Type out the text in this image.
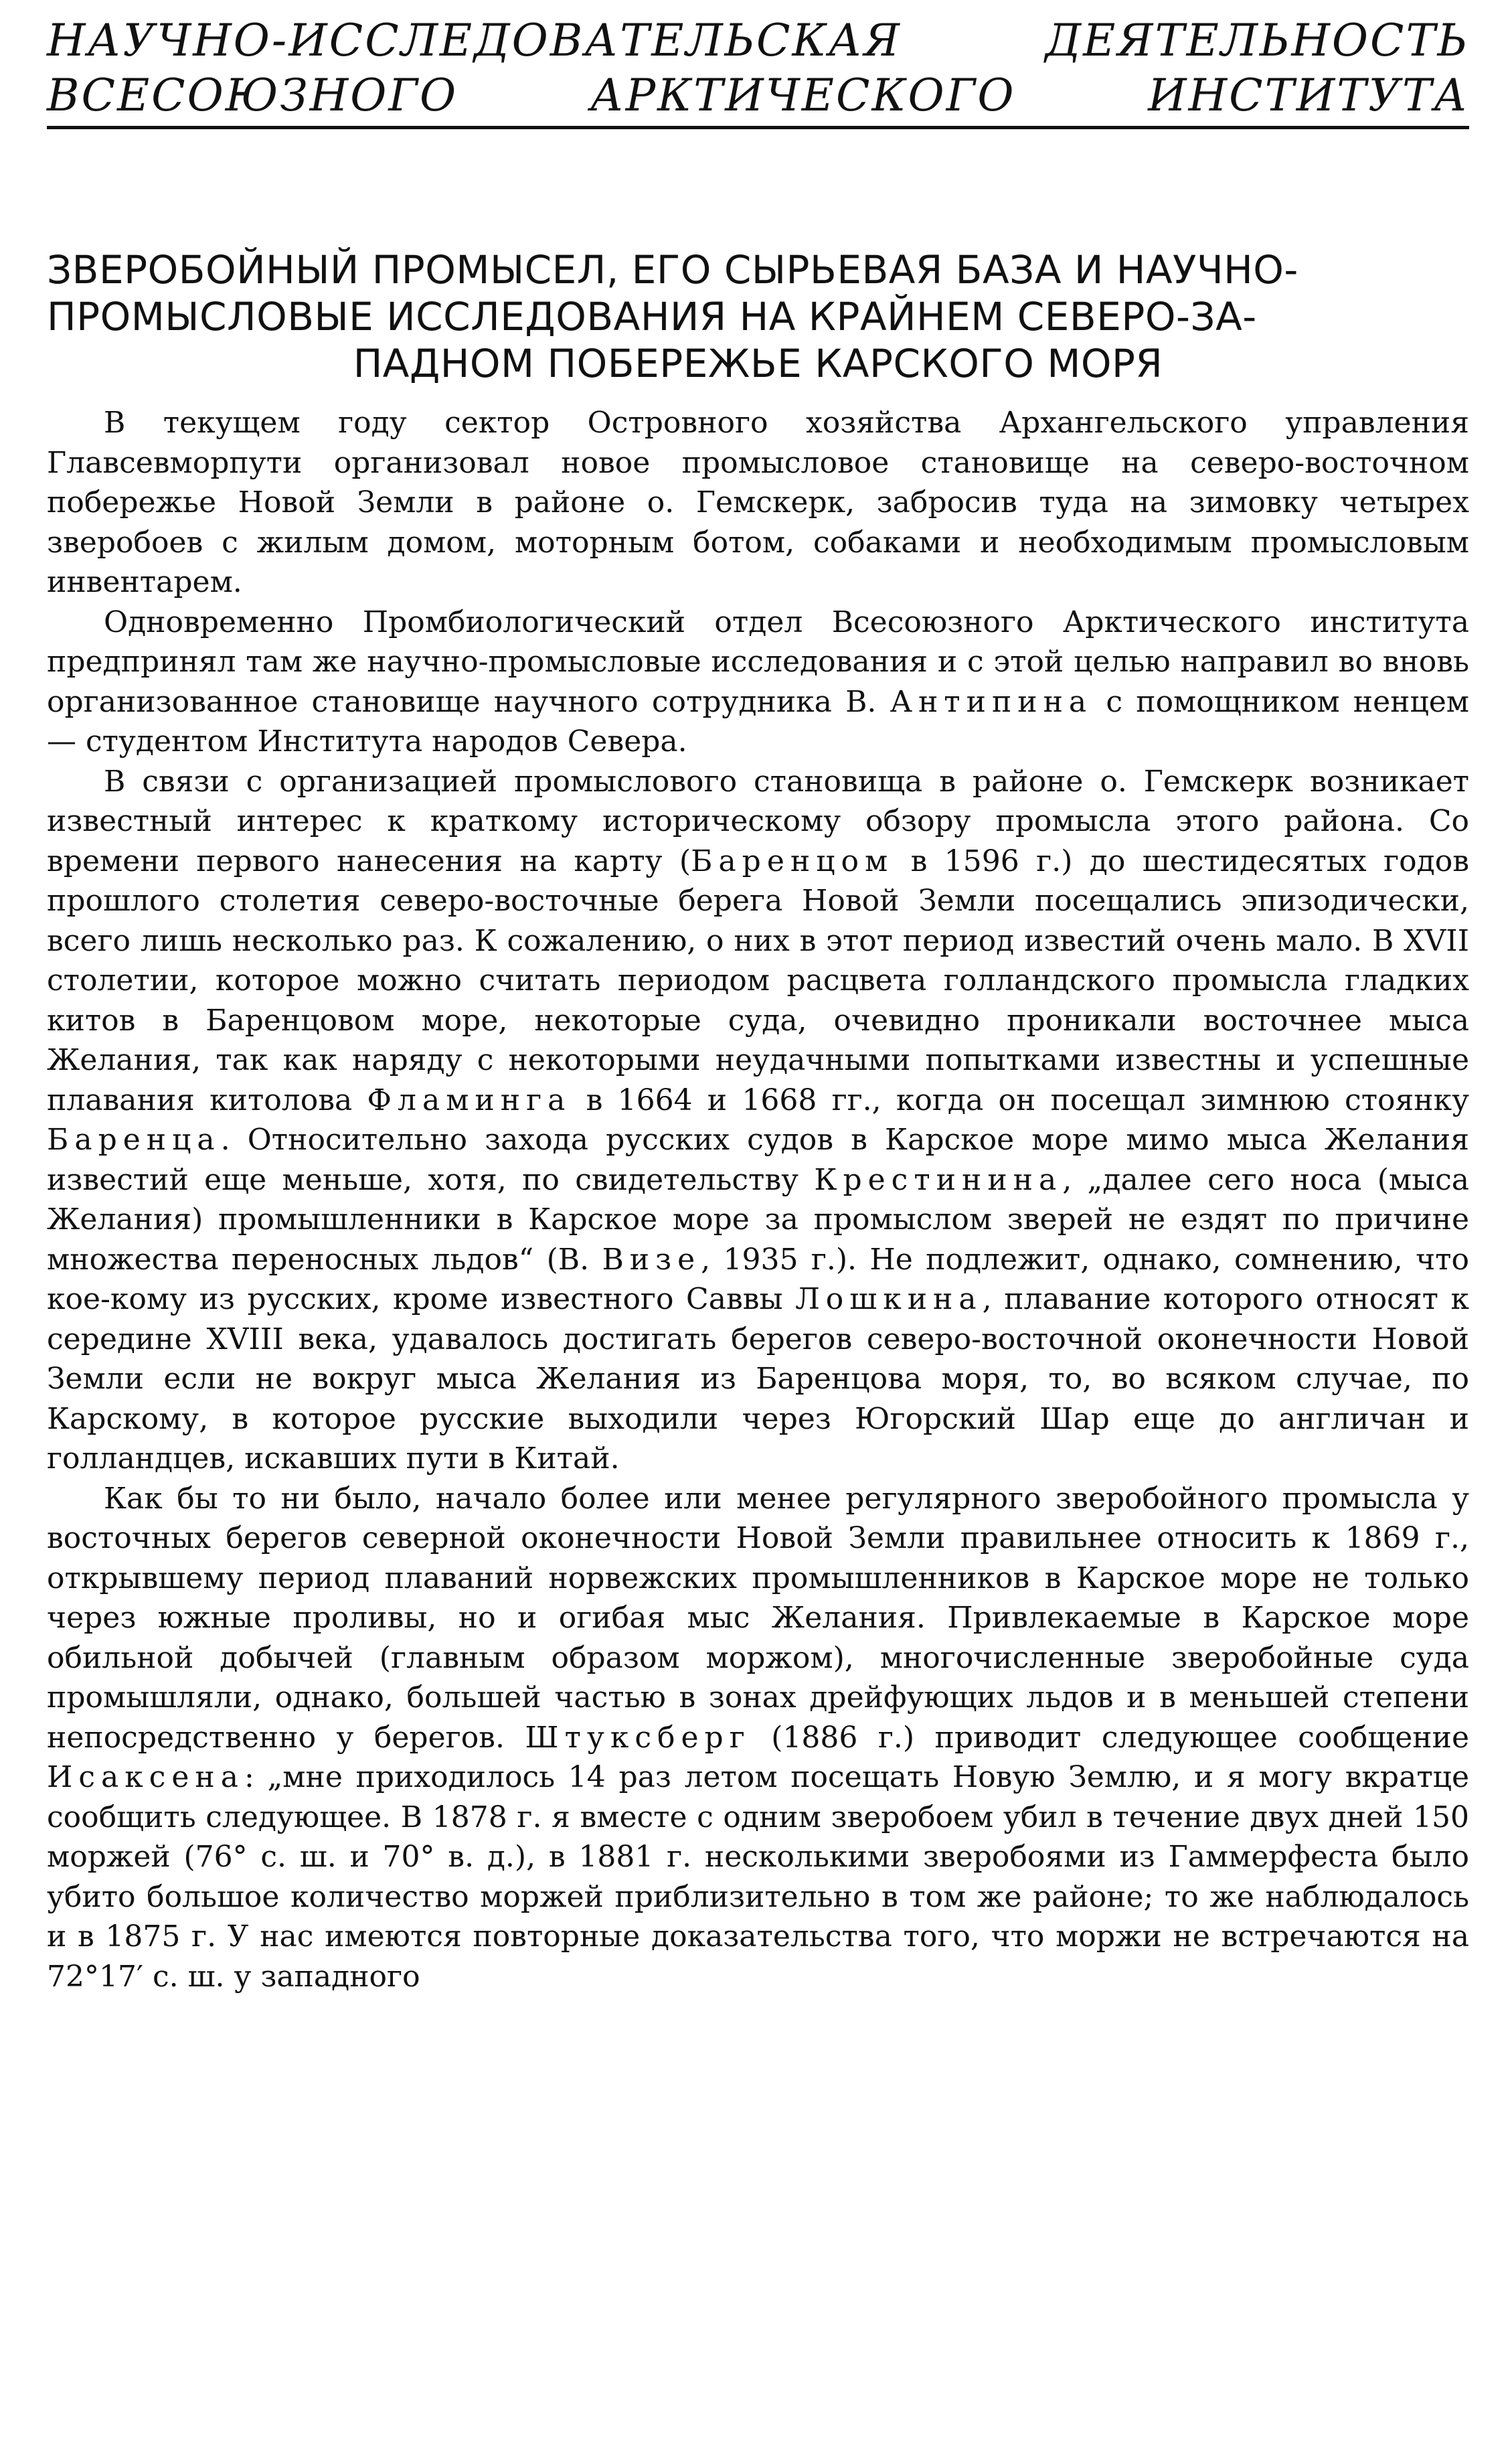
НАУЧНО-ИССЛЕДОВАТЕЛЬСКАЯ	ДЕЯТЕЛЬНОСТЬ
ВСЕСОЮЗНОГО	АРКТИЧЕСКОГО	ИНСТИТУТА
ЗВЕРОБОЙНЫЙ ПРОМЫСЕЛ, ЕГО СЫРЬЕВАЯ БАЗА И НАУЧНО-
ПРОМЫСЛОВЫЕ ИССЛЕДОВАНИЯ НА КРАЙНЕМ СЕВЕРО-ЗА-
ПАДНОМ ПОБЕРЕЖЬЕ КАРСКОГО МОРЯ

В текущем году сектор Островного хозяйства Архангельского управления Главсевморпути организовал новое промысловое становище на северо-восточном побережье Новой Земли в районе о. Гемскерк, забросив туда на зимовку четырех зверобоев с жилым домом, моторным ботом, собаками и необходимым промысловым инвентарем.

Одновременно Промбиологический отдел Всесоюзного Арктического института предпринял там же научно-промысловые исследования и с этой целью направил во вновь организованное становище научного сотрудника В. Антипина с помощником ненцем — студентом Института народов Севера.

В связи с организацией промыслового становища в районе о. Гемскерк возникает известный интерес к краткому историческому обзору промысла этого района. Со времени первого нанесения на карту (Баренцом в 1596 г.) до шестидесятых годов прошлого столетия северо-восточные берега Новой Земли посещались эпизодически, всего лишь несколько раз. К сожалению, о них в этот период известий очень мало. В XVII столетии, которое можно считать периодом расцвета голландского промысла гладких китов в Баренцовом море, некоторые суда, очевидно проникали восточнее мыса Желания, так как наряду с некоторыми неудачными попытками известны и успешные плавания китолова Фламинга в 1664 и 1668 гг., когда он посещал зимнюю стоянку Баренца. Относительно захода русских судов в Карское море мимо мыса Желания известий еще меньше, хотя, по свидетельству Крестинина, „далее сего носа (мыса Желания) промышленники в Карское море за промыслом зверей не ездят по причине множества переносных льдов“ (В. Визе, 1935 г.). Не подлежит, однако, сомнению, что кое-кому из русских, кроме известного Саввы Лошкина, плавание которого относят к середине XVIII века, удавалось достигать берегов северо-восточной оконечности Новой Земли если не вокруг мыса Желания из Баренцова моря, то, во всяком случае, по Карскому, в которое русские выходили через Югорский Шар еще до англичан и голландцев, искавших пути в Китай.

Как бы то ни было, начало более или менее регулярного зверобойного промысла у восточных берегов северной оконечности Новой Земли правильнее относить к 1869 г., открывшему период плаваний норвежских промышленников в Карское море не только через южные проливы, но и огибая мыс Желания. Привлекаемые в Карское море обильной добычей (главным образом моржом), многочисленные зверобойные суда промышляли, однако, большей частью в зонах дрейфующих льдов и в меньшей степени непосредственно у берегов. Штуксберг (1886 г.) приводит следующее сообщение Исаксена: „мне приходилось 14 раз летом посещать Новую Землю, и я могу вкратце сообщить следующее. В 1878 г. я вместе с одним зверобоем убил в течение двух дней 150 моржей (76° с. ш. и 70° в. д.), в 1881 г. несколькими зверобоями из Гаммерфеста было убито большое количество моржей приблизительно в том же районе; то же наблюдалось и в 1875 г. У нас имеются повторные доказательства того, что моржи не встречаются на 72°17′ с. ш. у западного
